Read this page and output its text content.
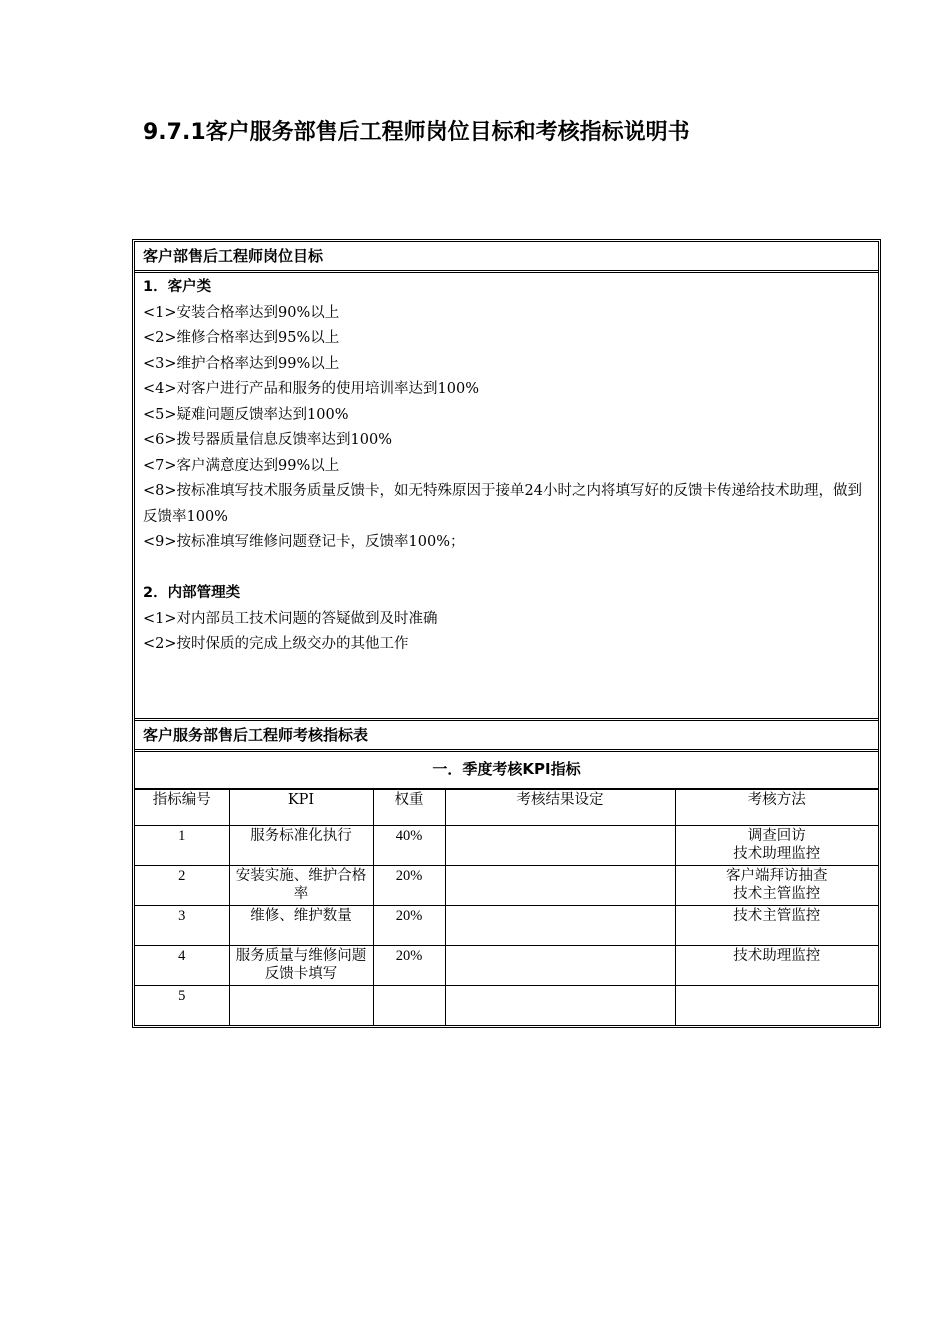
9.7.1客户服务部售后工程师岗位目标和考核指标说明书
客户部售后工程师岗位目标
1．客户类
<1>安装合格率达到90%以上
<2>维修合格率达到95%以上
<3>维护合格率达到99%以上
<4>对客户进行产品和服务的使用培训率达到100%
<5>疑难问题反馈率达到100%
<6>拨号器质量信息反馈率达到100%
<7>客户满意度达到99%以上
<8>按标准填写技术服务质量反馈卡，如无特殊原因于接单24小时之内将填写好的反馈卡传递给技术助理，做到反馈率100%
<9>按标准填写维修问题登记卡，反馈率100%；
2．内部管理类
<1>对内部员工技术问题的答疑做到及时准确
<2>按时保质的完成上级交办的其他工作
客户服务部售后工程师考核指标表
一．季度考核KPI指标
指标编号	KPI	权重	考核结果设定	考核方法
1	服务标准化执行	40%		调查回访
技术助理监控
2	安装实施、维护合格率	20%		客户端拜访抽查
技术主管监控
3	维修、维护数量	20%		技术主管监控
4	服务质量与维修问题反馈卡填写	20%		技术助理监控
5				
